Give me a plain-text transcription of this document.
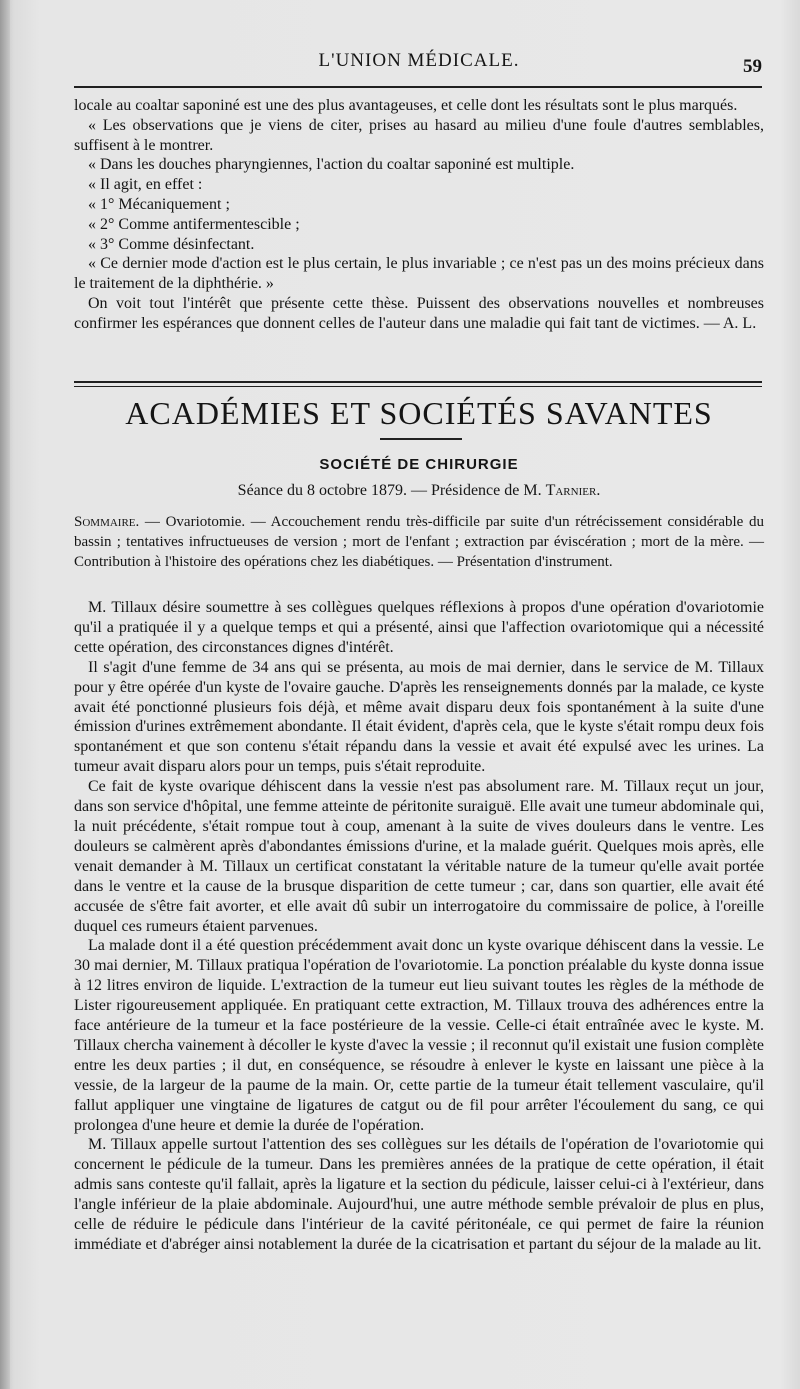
L'UNION MÉDICALE.	59

locale au coaltar saponiné est une des plus avantageuses, et celle dont les résultats sont le plus marqués.

« Les observations que je viens de citer, prises au hasard au milieu d'une foule d'autres semblables, suffisent à le montrer.

« Dans les douches pharyngiennes, l'action du coaltar saponiné est multiple.

« Il agit, en effet :

« 1° Mécaniquement ;

« 2° Comme antifermentescible ;

« 3° Comme désinfectant.

« Ce dernier mode d'action est le plus certain, le plus invariable ; ce n'est pas un des moins précieux dans le traitement de la diphthérie. »

On voit tout l'intérêt que présente cette thèse. Puissent des observations nouvelles et nombreuses confirmer les espérances que donnent celles de l'auteur dans une maladie qui fait tant de victimes. — A. L.

ACADÉMIES ET SOCIÉTÉS SAVANTES
SOCIÉTÉ DE CHIRURGIE
Séance du 8 octobre 1879. — Présidence de M. Tarnier.
Sommaire. — Ovariotomie. — Accouchement rendu très-difficile par suite d'un rétrécissement considérable du bassin ; tentatives infructueuses de version ; mort de l'enfant ; extraction par éviscération ; mort de la mère. — Contribution à l'histoire des opérations chez les diabétiques. — Présentation d'instrument.

M. Tillaux désire soumettre à ses collègues quelques réflexions à propos d'une opération d'ovariotomie qu'il a pratiquée il y a quelque temps et qui a présenté, ainsi que l'affection ovariotomique qui a nécessité cette opération, des circonstances dignes d'intérêt.

Il s'agit d'une femme de 34 ans qui se présenta, au mois de mai dernier, dans le service de M. Tillaux pour y être opérée d'un kyste de l'ovaire gauche. D'après les renseignements donnés par la malade, ce kyste avait été ponctionné plusieurs fois déjà, et même avait disparu deux fois spontanément à la suite d'une émission d'urines extrêmement abondante. Il était évident, d'après cela, que le kyste s'était rompu deux fois spontanément et que son contenu s'était répandu dans la vessie et avait été expulsé avec les urines. La tumeur avait disparu alors pour un temps, puis s'était reproduite.

Ce fait de kyste ovarique déhiscent dans la vessie n'est pas absolument rare. M. Tillaux reçut un jour, dans son service d'hôpital, une femme atteinte de péritonite suraiguë. Elle avait une tumeur abdominale qui, la nuit précédente, s'était rompue tout à coup, amenant à la suite de vives douleurs dans le ventre. Les douleurs se calmèrent après d'abondantes émissions d'urine, et la malade guérit. Quelques mois après, elle venait demander à M. Tillaux un certificat constatant la véritable nature de la tumeur qu'elle avait portée dans le ventre et la cause de la brusque disparition de cette tumeur ; car, dans son quartier, elle avait été accusée de s'être fait avorter, et elle avait dû subir un interrogatoire du commissaire de police, à l'oreille duquel ces rumeurs étaient parvenues.

La malade dont il a été question précédemment avait donc un kyste ovarique déhiscent dans la vessie. Le 30 mai dernier, M. Tillaux pratiqua l'opération de l'ovariotomie. La ponction préalable du kyste donna issue à 12 litres environ de liquide. L'extraction de la tumeur eut lieu suivant toutes les règles de la méthode de Lister rigoureusement appliquée. En pratiquant cette extraction, M. Tillaux trouva des adhérences entre la face antérieure de la tumeur et la face postérieure de la vessie. Celle-ci était entraînée avec le kyste. M. Tillaux chercha vainement à décoller le kyste d'avec la vessie ; il reconnut qu'il existait une fusion complète entre les deux parties ; il dut, en conséquence, se résoudre à enlever le kyste en laissant une pièce à la vessie, de la largeur de la paume de la main. Or, cette partie de la tumeur était tellement vasculaire, qu'il fallut appliquer une vingtaine de ligatures de catgut ou de fil pour arrêter l'écoulement du sang, ce qui prolongea d'une heure et demie la durée de l'opération.

M. Tillaux appelle surtout l'attention des ses collègues sur les détails de l'opération de l'ovariotomie qui concernent le pédicule de la tumeur. Dans les premières années de la pratique de cette opération, il était admis sans conteste qu'il fallait, après la ligature et la section du pédicule, laisser celui-ci à l'extérieur, dans l'angle inférieur de la plaie abdominale. Aujourd'hui, une autre méthode semble prévaloir de plus en plus, celle de réduire le pédicule dans l'intérieur de la cavité péritonéale, ce qui permet de faire la réunion immédiate et d'abréger ainsi notablement la durée de la cicatrisation et partant du séjour de la malade au lit.
